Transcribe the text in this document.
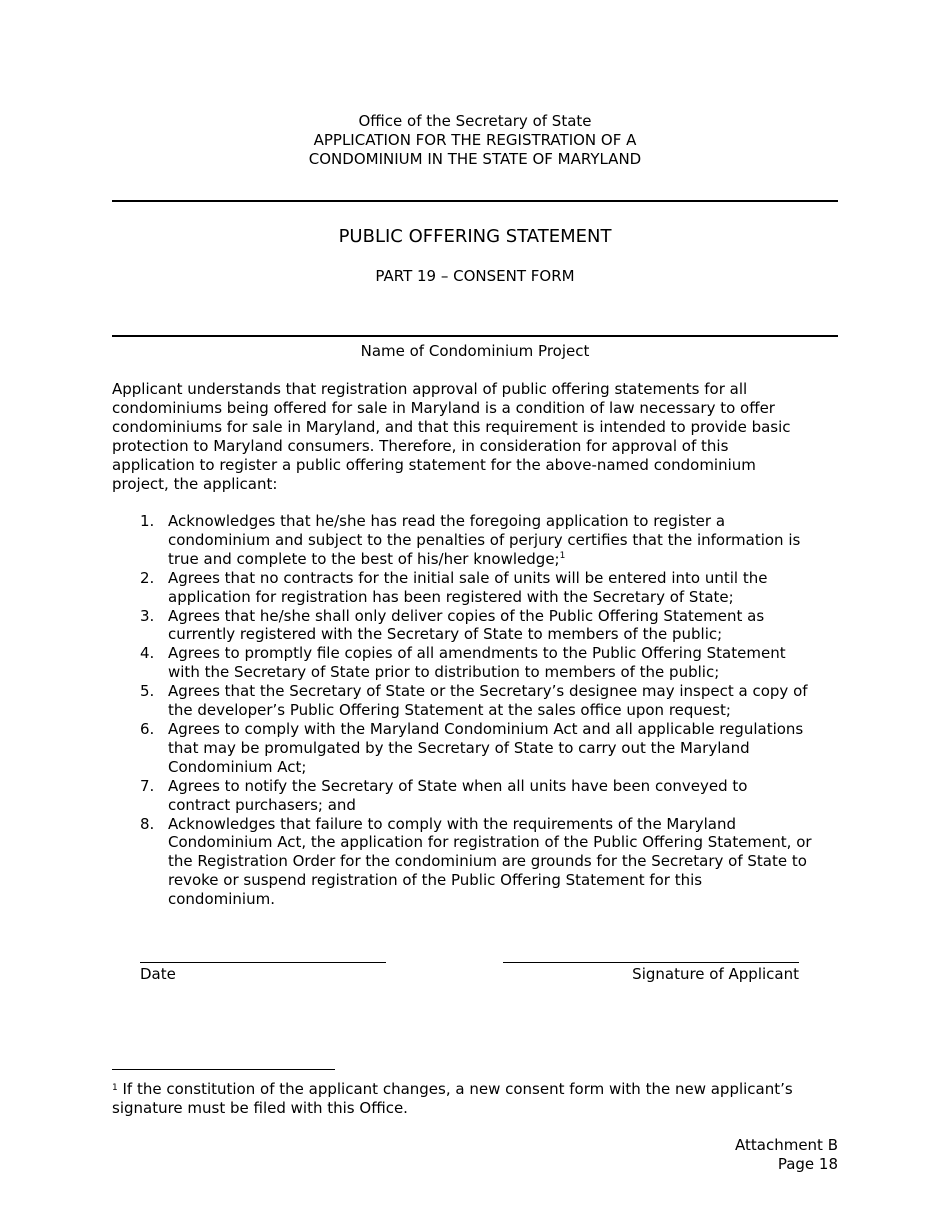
Office of the Secretary of State
APPLICATION FOR THE REGISTRATION OF A
CONDOMINIUM IN THE STATE OF MARYLAND
PUBLIC OFFERING STATEMENT
PART 19 – CONSENT FORM
Name of Condominium Project
Applicant understands that registration approval of public offering statements for all
condominiums being offered for sale in Maryland is a condition of law necessary to offer
condominiums for sale in Maryland, and that this requirement is intended to provide basic
protection to Maryland consumers. Therefore, in consideration for approval of this
application to register a public offering statement for the above-named condominium
project, the applicant:
1. Acknowledges that he/she has read the foregoing application to register a
condominium and subject to the penalties of perjury certifies that the information is
true and complete to the best of his/her knowledge;$^1$
2. Agrees that no contracts for the initial sale of units will be entered into until the
application for registration has been registered with the Secretary of State;
3. Agrees that he/she shall only deliver copies of the Public Offering Statement as
currently registered with the Secretary of State to members of the public;
4. Agrees to promptly file copies of all amendments to the Public Offering Statement
with the Secretary of State prior to distribution to members of the public;
5. Agrees that the Secretary of State or the Secretary’s designee may inspect a copy of
the developer’s Public Offering Statement at the sales office upon request;
6. Agrees to comply with the Maryland Condominium Act and all applicable regulations
that may be promulgated by the Secretary of State to carry out the Maryland
Condominium Act;
7. Agrees to notify the Secretary of State when all units have been conveyed to
contract purchasers; and
8. Acknowledges that failure to comply with the requirements of the Maryland
Condominium Act, the application for registration of the Public Offering Statement, or
the Registration Order for the condominium are grounds for the Secretary of State to
revoke or suspend registration of the Public Offering Statement for this
condominium.
Date	Signature of Applicant
$^1$ If the constitution of the applicant changes, a new consent form with the new applicant’s
signature must be filed with this Office.
Attachment B
Page 18
